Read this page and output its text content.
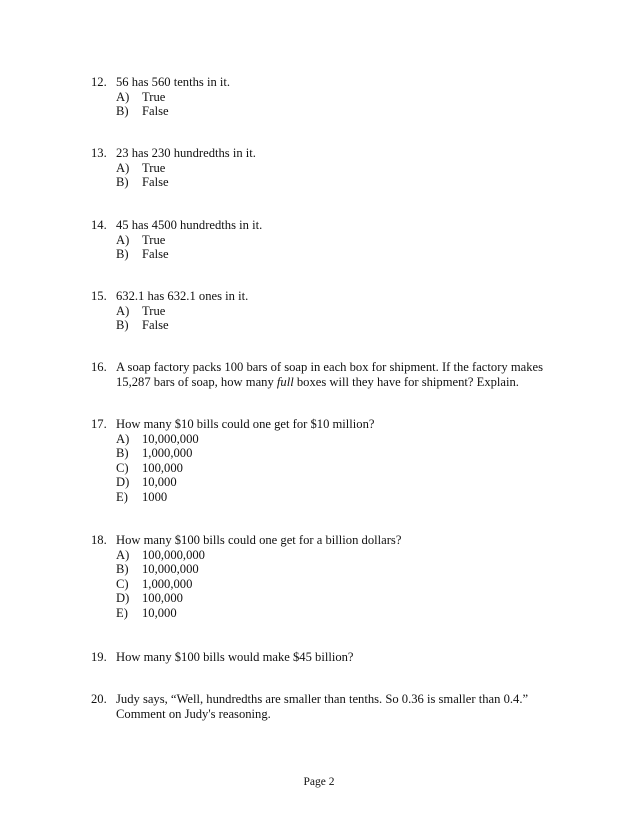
12. 56 has 560 tenths in it.
A) True
B) False
13. 23 has 230 hundredths in it.
A) True
B) False
14. 45 has 4500 hundredths in it.
A) True
B) False
15. 632.1 has 632.1 ones in it.
A) True
B) False
16. A soap factory packs 100 bars of soap in each box for shipment. If the factory makes
15,287 bars of soap, how many full boxes will they have for shipment? Explain.
17. How many $10 bills could one get for $10 million?
A) 10,000,000
B) 1,000,000
C) 100,000
D) 10,000
E) 1000
18. How many $100 bills could one get for a billion dollars?
A) 100,000,000
B) 10,000,000
C) 1,000,000
D) 100,000
E) 10,000
19. How many $100 bills would make $45 billion?
20. Judy says, “Well, hundredths are smaller than tenths. So 0.36 is smaller than 0.4.”
Comment on Judy's reasoning.
Page 2
